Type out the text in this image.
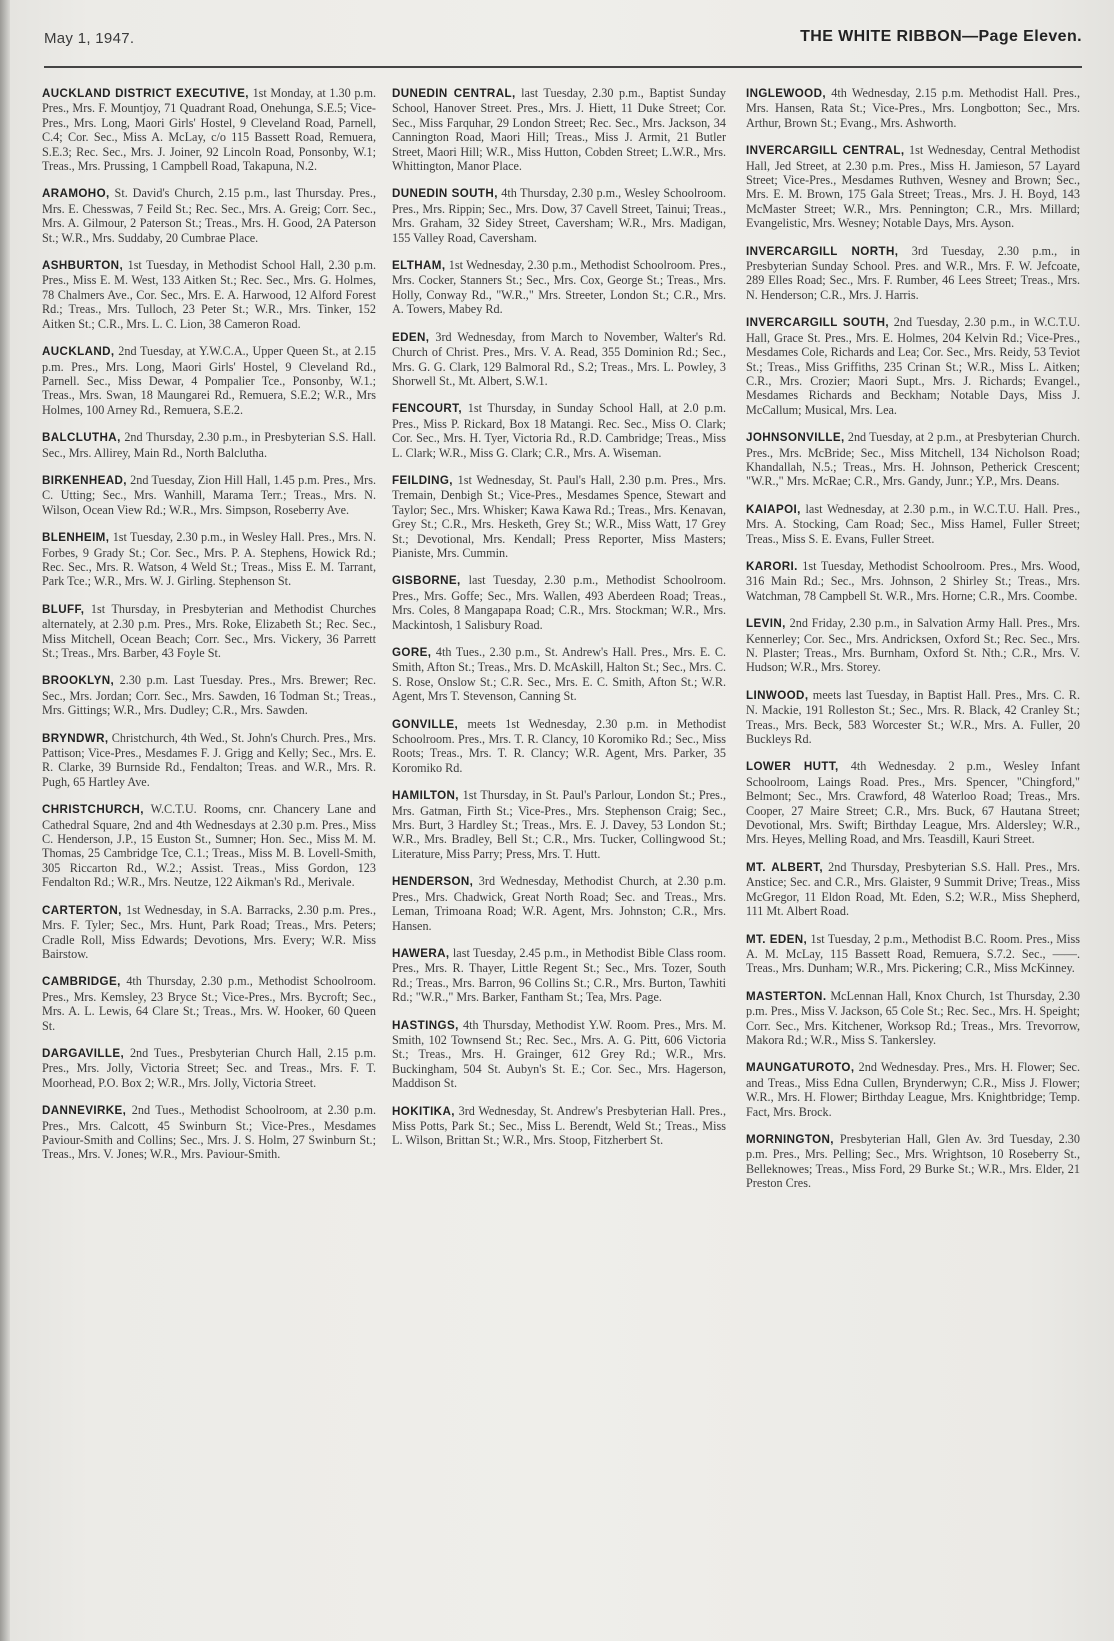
May 1, 1947.	THE WHITE RIBBON—Page Eleven.
AUCKLAND DISTRICT EXECUTIVE, 1st Monday, at 1.30 p.m. Pres., Mrs. F. Mountjoy, 71 Quadrant Road, Onehunga, S.E.5; Vice-Pres., Mrs. Long, Maori Girls' Hostel, 9 Cleveland Road, Parnell, C.4; Cor. Sec., Miss A. McLay, c/o 115 Bassett Road, Remuera, S.E.3; Rec. Sec., Mrs. J. Joiner, 92 Lincoln Road, Ponsonby, W.1; Treas., Mrs. Prussing, 1 Campbell Road, Takapuna, N.2.
ARAMOHO, St. David's Church, 2.15 p.m., last Thursday. Pres., Mrs. E. Chesswas, 7 Feild St.; Rec. Sec., Mrs. A. Greig; Corr. Sec., Mrs. A. Gilmour, 2 Paterson St.; Treas., Mrs. H. Good, 2A Paterson St.; W.R., Mrs. Suddaby, 20 Cumbrae Place.
ASHBURTON, 1st Tuesday, in Methodist School Hall, 2.30 p.m. Pres., Miss E. M. West, 133 Aitken St.; Rec. Sec., Mrs. G. Holmes, 78 Chalmers Ave., Cor. Sec., Mrs. E. A. Harwood, 12 Alford Forest Rd.; Treas., Mrs. Tulloch, 23 Peter St.; W.R., Mrs. Tinker, 152 Aitken St.; C.R., Mrs. L. C. Lion, 38 Cameron Road.
AUCKLAND, 2nd Tuesday, at Y.W.C.A., Upper Queen St., at 2.15 p.m. Pres., Mrs. Long, Maori Girls' Hostel, 9 Cleveland Rd., Parnell. Sec., Miss Dewar, 4 Pompalier Tce., Ponsonby, W.1.; Treas., Mrs. Swan, 18 Maungarei Rd., Remuera, S.E.2; W.R., Mrs Holmes, 100 Arney Rd., Remuera, S.E.2.
BALCLUTHA, 2nd Thursday, 2.30 p.m., in Presbyterian S.S. Hall. Sec., Mrs. Allirey, Main Rd., North Balclutha.
BIRKENHEAD, 2nd Tuesday, Zion Hill Hall, 1.45 p.m. Pres., Mrs. C. Utting; Sec., Mrs. Wanhill, Marama Terr.; Treas., Mrs. N. Wilson, Ocean View Rd.; W.R., Mrs. Simpson, Roseberry Ave.
BLENHEIM, 1st Tuesday, 2.30 p.m., in Wesley Hall. Pres., Mrs. N. Forbes, 9 Grady St.; Cor. Sec., Mrs. P. A. Stephens, Howick Rd.; Rec. Sec., Mrs. R. Watson, 4 Weld St.; Treas., Miss E. M. Tarrant, Park Tce.; W.R., Mrs. W. J. Girling. Stephenson St.
BLUFF, 1st Thursday, in Presbyterian and Methodist Churches alternately, at 2.30 p.m. Pres., Mrs. Roke, Elizabeth St.; Rec. Sec., Miss Mitchell, Ocean Beach; Corr. Sec., Mrs. Vickery, 36 Parrett St.; Treas., Mrs. Barber, 43 Foyle St.
BROOKLYN, 2.30 p.m. Last Tuesday. Pres., Mrs. Brewer; Rec. Sec., Mrs. Jordan; Corr. Sec., Mrs. Sawden, 16 Todman St.; Treas., Mrs. Gittings; W.R., Mrs. Dudley; C.R., Mrs. Sawden.
BRYNDWR, Christchurch, 4th Wed., St. John's Church. Pres., Mrs. Pattison; Vice-Pres., Mesdames F. J. Grigg and Kelly; Sec., Mrs. E. R. Clarke, 39 Burnside Rd., Fendalton; Treas. and W.R., Mrs. R. Pugh, 65 Hartley Ave.
CHRISTCHURCH, W.C.T.U. Rooms, cnr. Chancery Lane and Cathedral Square, 2nd and 4th Wednesdays at 2.30 p.m. Pres., Miss C. Henderson, J.P., 15 Euston St., Sumner; Hon. Sec., Miss M. M. Thomas, 25 Cambridge Tce, C.1.; Treas., Miss M. B. Lovell-Smith, 305 Riccarton Rd., W.2.; Assist. Treas., Miss Gordon, 123 Fendalton Rd.; W.R., Mrs. Neutze, 122 Aikman's Rd., Merivale.
CARTERTON, 1st Wednesday, in S.A. Barracks, 2.30 p.m. Pres., Mrs. F. Tyler; Sec., Mrs. Hunt, Park Road; Treas., Mrs. Peters; Cradle Roll, Miss Edwards; Devotions, Mrs. Every; W.R. Miss Bairstow.
CAMBRIDGE, 4th Thursday, 2.30 p.m., Methodist Schoolroom. Pres., Mrs. Kemsley, 23 Bryce St.; Vice-Pres., Mrs. Bycroft; Sec., Mrs. A. L. Lewis, 64 Clare St.; Treas., Mrs. W. Hooker, 60 Queen St.
DARGAVILLE, 2nd Tues., Presbyterian Church Hall, 2.15 p.m. Pres., Mrs. Jolly, Victoria Street; Sec. and Treas., Mrs. F. T. Moorhead, P.O. Box 2; W.R., Mrs. Jolly, Victoria Street.
DANNEVIRKE, 2nd Tues., Methodist Schoolroom, at 2.30 p.m. Pres., Mrs. Calcott, 45 Swinburn St.; Vice-Pres., Mesdames Paviour-Smith and Collins; Sec., Mrs. J. S. Holm, 27 Swinburn St.; Treas., Mrs. V. Jones; W.R., Mrs. Paviour-Smith.
DUNEDIN CENTRAL, last Tuesday, 2.30 p.m., Baptist Sunday School, Hanover Street. Pres., Mrs. J. Hiett, 11 Duke Street; Cor. Sec., Miss Farquhar, 29 London Street; Rec. Sec., Mrs. Jackson, 34 Cannington Road, Maori Hill; Treas., Miss J. Armit, 21 Butler Street, Maori Hill; W.R., Miss Hutton, Cobden Street; L.W.R., Mrs. Whittington, Manor Place.
DUNEDIN SOUTH, 4th Thursday, 2.30 p.m., Wesley Schoolroom. Pres., Mrs. Rippin; Sec., Mrs. Dow, 37 Cavell Street, Tainui; Treas., Mrs. Graham, 32 Sidey Street, Caversham; W.R., Mrs. Madigan, 155 Valley Road, Caversham.
ELTHAM, 1st Wednesday, 2.30 p.m., Methodist Schoolroom. Pres., Mrs. Cocker, Stanners St.; Sec., Mrs. Cox, George St.; Treas., Mrs. Holly, Conway Rd., "W.R.," Mrs. Streeter, London St.; C.R., Mrs. A. Towers, Mabey Rd.
EDEN, 3rd Wednesday, from March to November, Walter's Rd. Church of Christ. Pres., Mrs. V. A. Read, 355 Dominion Rd.; Sec., Mrs. G. G. Clark, 129 Balmoral Rd., S.2; Treas., Mrs. L. Powley, 3 Shorwell St., Mt. Albert, S.W.1.
FENCOURT, 1st Thursday, in Sunday School Hall, at 2.0 p.m. Pres., Miss P. Rickard, Box 18 Matangi. Rec. Sec., Miss O. Clark; Cor. Sec., Mrs. H. Tyer, Victoria Rd., R.D. Cambridge; Treas., Miss L. Clark; W.R., Miss G. Clark; C.R., Mrs. A. Wiseman.
FEILDING, 1st Wednesday, St. Paul's Hall, 2.30 p.m. Pres., Mrs. Tremain, Denbigh St.; Vice-Pres., Mesdames Spence, Stewart and Taylor; Sec., Mrs. Whisker; Kawa Kawa Rd.; Treas., Mrs. Kenavan, Grey St.; C.R., Mrs. Hesketh, Grey St.; W.R., Miss Watt, 17 Grey St.; Devotional, Mrs. Kendall; Press Reporter, Miss Masters; Pianiste, Mrs. Cummin.
GISBORNE, last Tuesday, 2.30 p.m., Methodist Schoolroom. Pres., Mrs. Goffe; Sec., Mrs. Wallen, 493 Aberdeen Road; Treas., Mrs. Coles, 8 Mangapapa Road; C.R., Mrs. Stockman; W.R., Mrs. Mackintosh, 1 Salisbury Road.
GORE, 4th Tues., 2.30 p.m., St. Andrew's Hall. Pres., Mrs. E. C. Smith, Afton St.; Treas., Mrs. D. McAskill, Halton St.; Sec., Mrs. C. S. Rose, Onslow St.; C.R. Sec., Mrs. E. C. Smith, Afton St.; W.R. Agent, Mrs T. Stevenson, Canning St.
GONVILLE, meets 1st Wednesday, 2.30 p.m. in Methodist Schoolroom. Pres., Mrs. T. R. Clancy, 10 Koromiko Rd.; Sec., Miss Roots; Treas., Mrs. T. R. Clancy; W.R. Agent, Mrs. Parker, 35 Koromiko Rd.
HAMILTON, 1st Thursday, in St. Paul's Parlour, London St.; Pres., Mrs. Gatman, Firth St.; Vice-Pres., Mrs. Stephenson Craig; Sec., Mrs. Burt, 3 Hardley St.; Treas., Mrs. E. J. Davey, 53 London St.; W.R., Mrs. Bradley, Bell St.; C.R., Mrs. Tucker, Collingwood St.; Literature, Miss Parry; Press, Mrs. T. Hutt.
HENDERSON, 3rd Wednesday, Methodist Church, at 2.30 p.m. Pres., Mrs. Chadwick, Great North Road; Sec. and Treas., Mrs. Leman, Trimoana Road; W.R. Agent, Mrs. Johnston; C.R., Mrs. Hansen.
HAWERA, last Tuesday, 2.45 p.m., in Methodist Bible Class room. Pres., Mrs. R. Thayer, Little Regent St.; Sec., Mrs. Tozer, South Rd.; Treas., Mrs. Barron, 96 Collins St.; C.R., Mrs. Burton, Tawhiti Rd.; "W.R.," Mrs. Barker, Fantham St.; Tea, Mrs. Page.
HASTINGS, 4th Thursday, Methodist Y.W. Room. Pres., Mrs. M. Smith, 102 Townsend St.; Rec. Sec., Mrs. A. G. Pitt, 606 Victoria St.; Treas., Mrs. H. Grainger, 612 Grey Rd.; W.R., Mrs. Buckingham, 504 St. Aubyn's St. E.; Cor. Sec., Mrs. Hagerson, Maddison St.
HOKITIKA, 3rd Wednesday, St. Andrew's Presbyterian Hall. Pres., Miss Potts, Park St.; Sec., Miss L. Berendt, Weld St.; Treas., Miss L. Wilson, Brittan St.; W.R., Mrs. Stoop, Fitzherbert St.
INGLEWOOD, 4th Wednesday, 2.15 p.m. Methodist Hall. Pres., Mrs. Hansen, Rata St.; Vice-Pres., Mrs. Longbotton; Sec., Mrs. Arthur, Brown St.; Evang., Mrs. Ashworth.
INVERCARGILL CENTRAL, 1st Wednesday, Central Methodist Hall, Jed Street, at 2.30 p.m. Pres., Miss H. Jamieson, 57 Layard Street; Vice-Pres., Mesdames Ruthven, Wesney and Brown; Sec., Mrs. E. M. Brown, 175 Gala Street; Treas., Mrs. J. H. Boyd, 143 McMaster Street; W.R., Mrs. Pennington; C.R., Mrs. Millard; Evangelistic, Mrs. Wesney; Notable Days, Mrs. Ayson.
INVERCARGILL NORTH, 3rd Tuesday, 2.30 p.m., in Presbyterian Sunday School. Pres. and W.R., Mrs. F. W. Jefcoate, 289 Elles Road; Sec., Mrs. F. Rumber, 46 Lees Street; Treas., Mrs. N. Henderson; C.R., Mrs. J. Harris.
INVERCARGILL SOUTH, 2nd Tuesday, 2.30 p.m., in W.C.T.U. Hall, Grace St. Pres., Mrs. E. Holmes, 204 Kelvin Rd.; Vice-Pres., Mesdames Cole, Richards and Lea; Cor. Sec., Mrs. Reidy, 53 Teviot St.; Treas., Miss Griffiths, 235 Crinan St.; W.R., Miss L. Aitken; C.R., Mrs. Crozier; Maori Supt., Mrs. J. Richards; Evangel., Mesdames Richards and Beckham; Notable Days, Miss J. McCallum; Musical, Mrs. Lea.
JOHNSONVILLE, 2nd Tuesday, at 2 p.m., at Presbyterian Church. Pres., Mrs. McBride; Sec., Miss Mitchell, 134 Nicholson Road; Khandallah, N.5.; Treas., Mrs. H. Johnson, Petherick Crescent; "W.R.," Mrs. McRae; C.R., Mrs. Gandy, Junr.; Y.P., Mrs. Deans.
KAIAPOI, last Wednesday, at 2.30 p.m., in W.C.T.U. Hall. Pres., Mrs. A. Stocking, Cam Road; Sec., Miss Hamel, Fuller Street; Treas., Miss S. E. Evans, Fuller Street.
KARORI. 1st Tuesday, Methodist Schoolroom. Pres., Mrs. Wood, 316 Main Rd.; Sec., Mrs. Johnson, 2 Shirley St.; Treas., Mrs. Watchman, 78 Campbell St. W.R., Mrs. Horne; C.R., Mrs. Coombe.
LEVIN, 2nd Friday, 2.30 p.m., in Salvation Army Hall. Pres., Mrs. Kennerley; Cor. Sec., Mrs. Andricksen, Oxford St.; Rec. Sec., Mrs. N. Plaster; Treas., Mrs. Burnham, Oxford St. Nth.; C.R., Mrs. V. Hudson; W.R., Mrs. Storey.
LINWOOD, meets last Tuesday, in Baptist Hall. Pres., Mrs. C. R. N. Mackie, 191 Rolleston St.; Sec., Mrs. R. Black, 42 Cranley St.; Treas., Mrs. Beck, 583 Worcester St.; W.R., Mrs. A. Fuller, 20 Buckleys Rd.
LOWER HUTT, 4th Wednesday. 2 p.m., Wesley Infant Schoolroom, Laings Road. Pres., Mrs. Spencer, "Chingford," Belmont; Sec., Mrs. Crawford, 48 Waterloo Road; Treas., Mrs. Cooper, 27 Maire Street; C.R., Mrs. Buck, 67 Hautana Street; Devotional, Mrs. Swift; Birthday League, Mrs. Aldersley; W.R., Mrs. Heyes, Melling Road, and Mrs. Teasdill, Kauri Street.
MT. ALBERT, 2nd Thursday, Presbyterian S.S. Hall. Pres., Mrs. Anstice; Sec. and C.R., Mrs. Glaister, 9 Summit Drive; Treas., Miss McGregor, 11 Eldon Road, Mt. Eden, S.2; W.R., Miss Shepherd, 111 Mt. Albert Road.
MT. EDEN, 1st Tuesday, 2 p.m., Methodist B.C. Room. Pres., Miss A. M. McLay, 115 Bassett Road, Remuera, S.7.2. Sec., ——. Treas., Mrs. Dunham; W.R., Mrs. Pickering; C.R., Miss McKinney.
MASTERTON. McLennan Hall, Knox Church, 1st Thursday, 2.30 p.m. Pres., Miss V. Jackson, 65 Cole St.; Rec. Sec., Mrs. H. Speight; Corr. Sec., Mrs. Kitchener, Worksop Rd.; Treas., Mrs. Trevorrow, Makora Rd.; W.R., Miss S. Tankersley.
MAUNGATUROTO, 2nd Wednesday. Pres., Mrs. H. Flower; Sec. and Treas., Miss Edna Cullen, Brynderwyn; C.R., Miss J. Flower; W.R., Mrs. H. Flower; Birthday League, Mrs. Knightbridge; Temp. Fact, Mrs. Brock.
MORNINGTON, Presbyterian Hall, Glen Av. 3rd Tuesday, 2.30 p.m. Pres., Mrs. Pelling; Sec., Mrs. Wrightson, 10 Roseberry St., Belleknowes; Treas., Miss Ford, 29 Burke St.; W.R., Mrs. Elder, 21 Preston Cres.
